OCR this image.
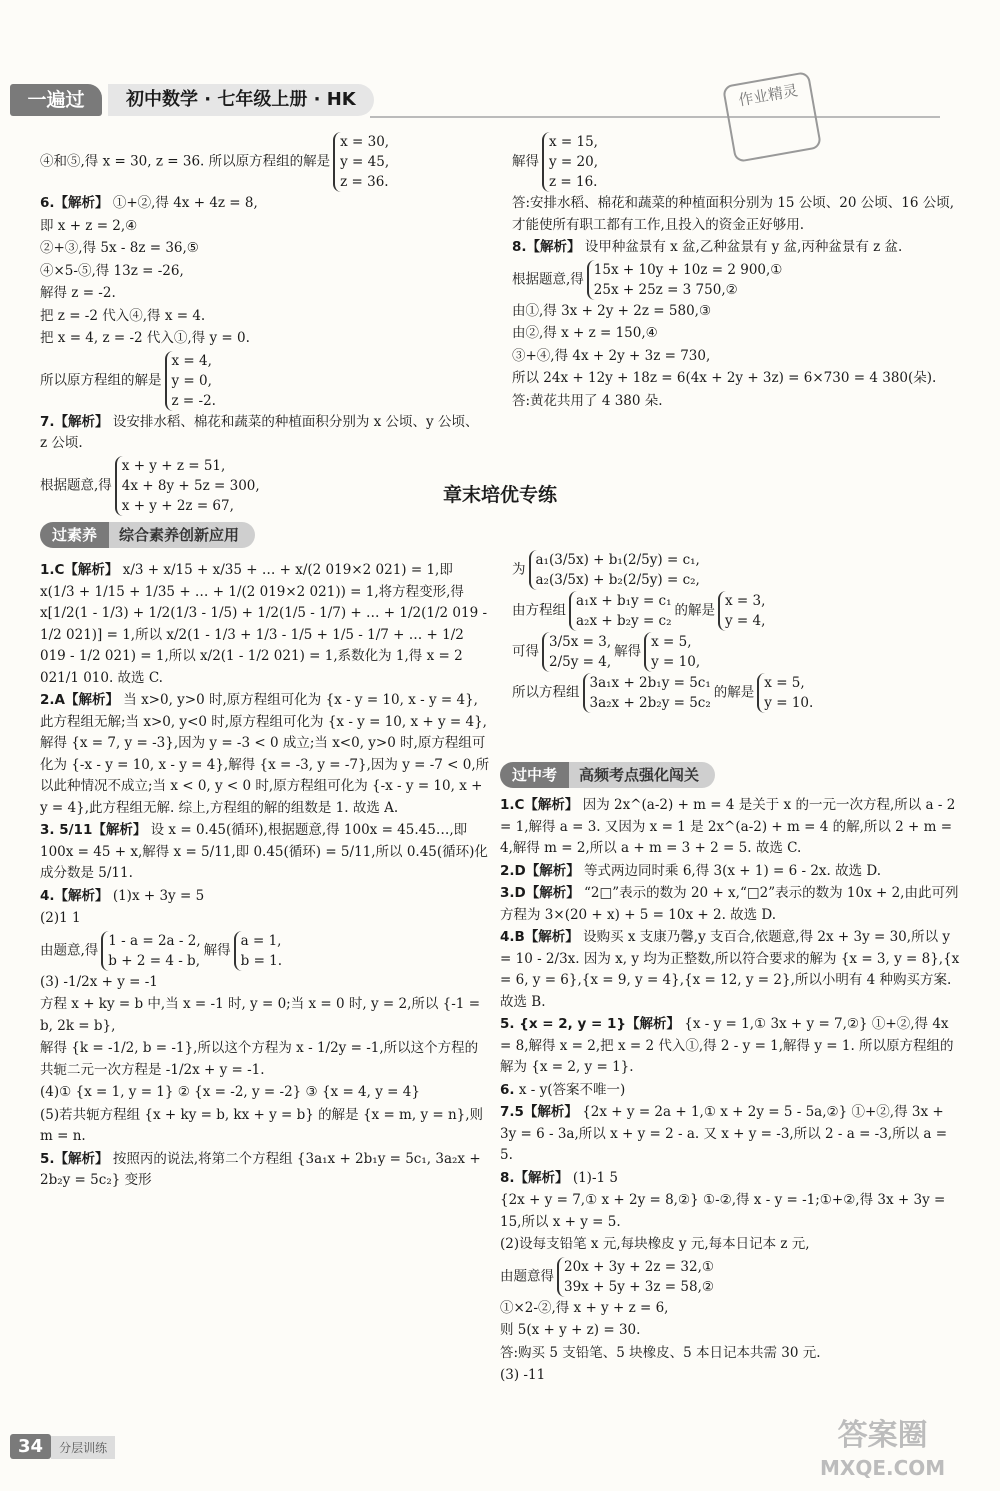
一遍过	初中数学 · 七年级上册 · HK	作业精灵

④和⑤,得 x = 30, z = 36. 所以原方程组的解是x = 30,
y = 45,
z = 36.

6.【解析】 ①+②,得 4x + 4z = 8,

即 x + z = 2,④

②+③,得 5x - 8z = 36,⑤

④×5-⑤,得 13z = -26,

解得 z = -2.

把 z = -2 代入④,得 x = 4.

把 x = 4, z = -2 代入①,得 y = 0.

所以原方程组的解是x = 4,
y = 0,
z = -2.

7.【解析】 设安排水稻、棉花和蔬菜的种植面积分别为 x 公顷、y 公顷、z 公顷.

根据题意,得x + y + z = 51,
4x + 8y + 5z = 300,
x + y + 2z = 67,

解得x = 15,
y = 20,
z = 16.

答:安排水稻、棉花和蔬菜的种植面积分别为 15 公顷、20 公顷、16 公顷,才能使所有职工都有工作,且投入的资金正好够用.

8.【解析】 设甲种盆景有 x 盆,乙种盆景有 y 盆,丙种盆景有 z 盆.

根据题意,得15x + 10y + 10z = 2 900,①
25x + 25z = 3 750,②

由①,得 3x + 2y + 2z = 580,③

由②,得 x + z = 150,④

③+④,得 4x + 2y + 3z = 730,

所以 24x + 12y + 18z = 6(4x + 2y + 3z) = 6×730 = 4 380(朵).

答:黄花共用了 4 380 朵.

章末培优专练
过素养 综合素养创新应用

1.C【解析】 x/3 + x/15 + x/35 + … + x/(2 019×2 021) = 1,即 x(1/3 + 1/15 + 1/35 + … + 1/(2 019×2 021)) = 1,将方程变形,得 x[1/2(1 - 1/3) + 1/2(1/3 - 1/5) + 1/2(1/5 - 1/7) + … + 1/2(1/2 019 - 1/2 021)] = 1,所以 x/2(1 - 1/3 + 1/3 - 1/5 + 1/5 - 1/7 + … + 1/2 019 - 1/2 021) = 1,所以 x/2(1 - 1/2 021) = 1,系数化为 1,得 x = 2 021/1 010. 故选 C.

2.A【解析】 当 x>0, y>0 时,原方程组可化为 {x - y = 10, x - y = 4},此方程组无解;当 x>0, y<0 时,原方程组可化为 {x - y = 10, x + y = 4},解得 {x = 7, y = -3},因为 y = -3 < 0 成立;当 x<0, y>0 时,原方程组可化为 {-x - y = 10, x - y = 4},解得 {x = -3, y = -7},因为 y = -7 < 0,所以此种情况不成立;当 x < 0, y < 0 时,原方程组可化为 {-x - y = 10, x + y = 4},此方程组无解. 综上,方程组的解的组数是 1. 故选 A.

3. 5/11【解析】 设 x = 0.45(循环),根据题意,得 100x = 45.45…,即 100x = 45 + x,解得 x = 5/11,即 0.45(循环) = 5/11,所以 0.45(循环)化成分数是 5/11.

4.【解析】 (1)x + 3y = 5

(2)1 1

由题意,得1 - a = 2a - 2,
b + 2 = 4 - b,解得a = 1,
b = 1.

(3) -1/2x + y = -1

方程 x + ky = b 中,当 x = -1 时, y = 0;当 x = 0 时, y = 2,所以 {-1 = b, 2k = b},

解得 {k = -1/2, b = -1},所以这个方程为 x - 1/2y = -1,所以这个方程的共轭二元一次方程是 -1/2x + y = -1.

(4)① {x = 1, y = 1} ② {x = -2, y = -2} ③ {x = 4, y = 4}

(5)若共轭方程组 {x + ky = b, kx + y = b} 的解是 {x = m, y = n},则 m = n.

5.【解析】 按照丙的说法,将第二个方程组 {3a₁x + 2b₁y = 5c₁, 3a₂x + 2b₂y = 5c₂} 变形

为a₁(3/5x) + b₁(2/5y) = c₁,
a₂(3/5x) + b₂(2/5y) = c₂,

由方程组a₁x + b₁y = c₁
a₂x + b₂y = c₂的解是x = 3,
y = 4,

可得3/5x = 3,
2/5y = 4,解得x = 5,
y = 10,

所以方程组3a₁x + 2b₁y = 5c₁
3a₂x + 2b₂y = 5c₂的解是x = 5,
y = 10.

过中考 高频考点强化闯关

1.C【解析】 因为 2x^(a-2) + m = 4 是关于 x 的一元一次方程,所以 a - 2 = 1,解得 a = 3. 又因为 x = 1 是 2x^(a-2) + m = 4 的解,所以 2 + m = 4,解得 m = 2,所以 a + m = 3 + 2 = 5. 故选 C.

2.D【解析】 等式两边同时乘 6,得 3(x + 1) = 6 - 2x. 故选 D.

3.D【解析】 “2□”表示的数为 20 + x,“□2”表示的数为 10x + 2,由此可列方程为 3×(20 + x) + 5 = 10x + 2. 故选 D.

4.B【解析】 设购买 x 支康乃馨,y 支百合,依题意,得 2x + 3y = 30,所以 y = 10 - 2/3x. 因为 x, y 均为正整数,所以符合要求的解为 {x = 3, y = 8},{x = 6, y = 6},{x = 9, y = 4},{x = 12, y = 2},所以小明有 4 种购买方案. 故选 B.

5. {x = 2, y = 1}【解析】 {x - y = 1,① 3x + y = 7,②} ①+②,得 4x = 8,解得 x = 2,把 x = 2 代入①,得 2 - y = 1,解得 y = 1. 所以原方程组的解为 {x = 2, y = 1}.

6. x - y(答案不唯一)

7.5【解析】 {2x + y = 2a + 1,① x + 2y = 5 - 5a,②} ①+②,得 3x + 3y = 6 - 3a,所以 x + y = 2 - a. 又 x + y = -3,所以 2 - a = -3,所以 a = 5.

8.【解析】 (1)-1 5

{2x + y = 7,① x + 2y = 8,②} ①-②,得 x - y = -1;①+②,得 3x + 3y = 15,所以 x + y = 5.

(2)设每支铅笔 x 元,每块橡皮 y 元,每本日记本 z 元,

由题意得20x + 3y + 2z = 32,①
39x + 5y + 3z = 58,②

①×2-②,得 x + y + z = 6,

则 5(x + y + z) = 30.

答:购买 5 支铅笔、5 块橡皮、5 本日记本共需 30 元.

(3) -11

34 分层训练	答案圈
MXQE.COM
